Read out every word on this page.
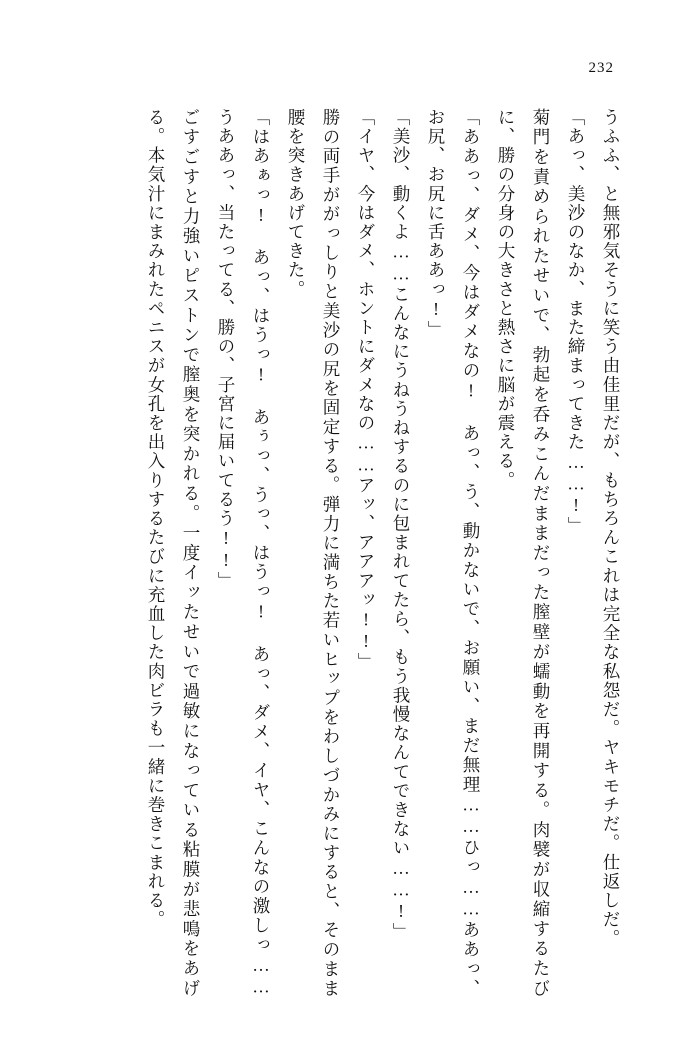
232

うふふ、と無邪気そうに笑う由佳里だが、もちろんこれは完全な私怨だ。ヤキモチだ。仕返しだ。

「あっ、美沙のなか、また締まってきた……!」

菊門を責められたせいで、勃起を呑みこんだままだった膣壁が蠕動を再開する。肉襞が収縮するたびに、勝の分身の大きさと熱さに脳が震える。

「ああっ、ダメ、今はダメなの! あっ、う、動かないで、お願い、まだ無理……ひっ……ああっ、お尻、お尻に舌ああっ!」

「美沙、動くよ……こんなにうねうねするのに包まれてたら、もう我慢なんてできない……!」

「イヤ、今はダメ、ホントにダメなの……アッ、アアアッ!!」

勝の両手ががっしりと美沙の尻を固定する。弾力に満ちた若いヒップをわしづかみにすると、そのまま腰を突きあげてきた。

「はあぁっ! あっ、はうっ! あぅっ、うっ、はうっ! あっ、ダメ、イヤ、こんなの激しっ……うああっ、当たってる、勝の、子宮に届いてるう!!」

ごすごすと力強いピストンで膣奥を突かれる。一度イッたせいで過敏になっている粘膜が悲鳴をあげる。本気汁にまみれたペニスが女孔を出入りするたびに充血した肉ビラも一緒に巻きこまれる。
